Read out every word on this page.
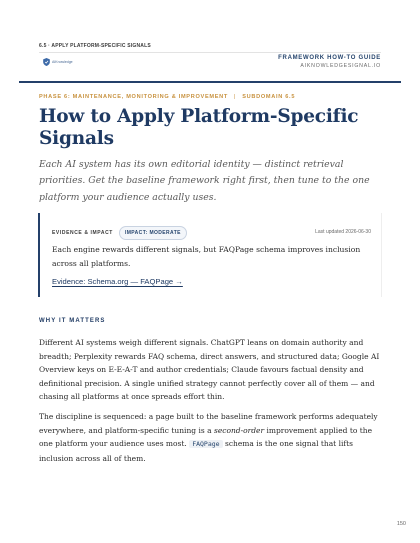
6.5 · APPLY PLATFORM-SPECIFIC SIGNALS
AIKnowledge
FRAMEWORK HOW-TO GUIDE
AIKNOWLEDGESIGNAL.IO
PHASE 6: MAINTENANCE, MONITORING & IMPROVEMENT | SUBDOMAIN 6.5
How to Apply Platform-Specific Signals

Each AI system has its own editorial identity — distinct retrieval priorities. Get the baseline framework right first, then tune to the one platform your audience actually uses.

EVIDENCE & IMPACT	IMPACT: MODERATE	Last updated 2026-06-30

Each engine rewards different signals, but FAQPage schema improves inclusion across all platforms.

Evidence: Schema.org — FAQPage →
WHY IT MATTERS

Different AI systems weigh different signals. ChatGPT leans on domain authority and breadth; Perplexity rewards FAQ schema, direct answers, and structured data; Google AI Overview keys on E-E-A-T and author credentials; Claude favours factual density and definitional precision. A single unified strategy cannot perfectly cover all of them — and chasing all platforms at once spreads effort thin.

The discipline is sequenced: a page built to the baseline framework performs adequately everywhere, and platform-specific tuning is a second-order improvement applied to the one platform your audience uses most. FAQPage schema is the one signal that lifts inclusion across all of them.

150
